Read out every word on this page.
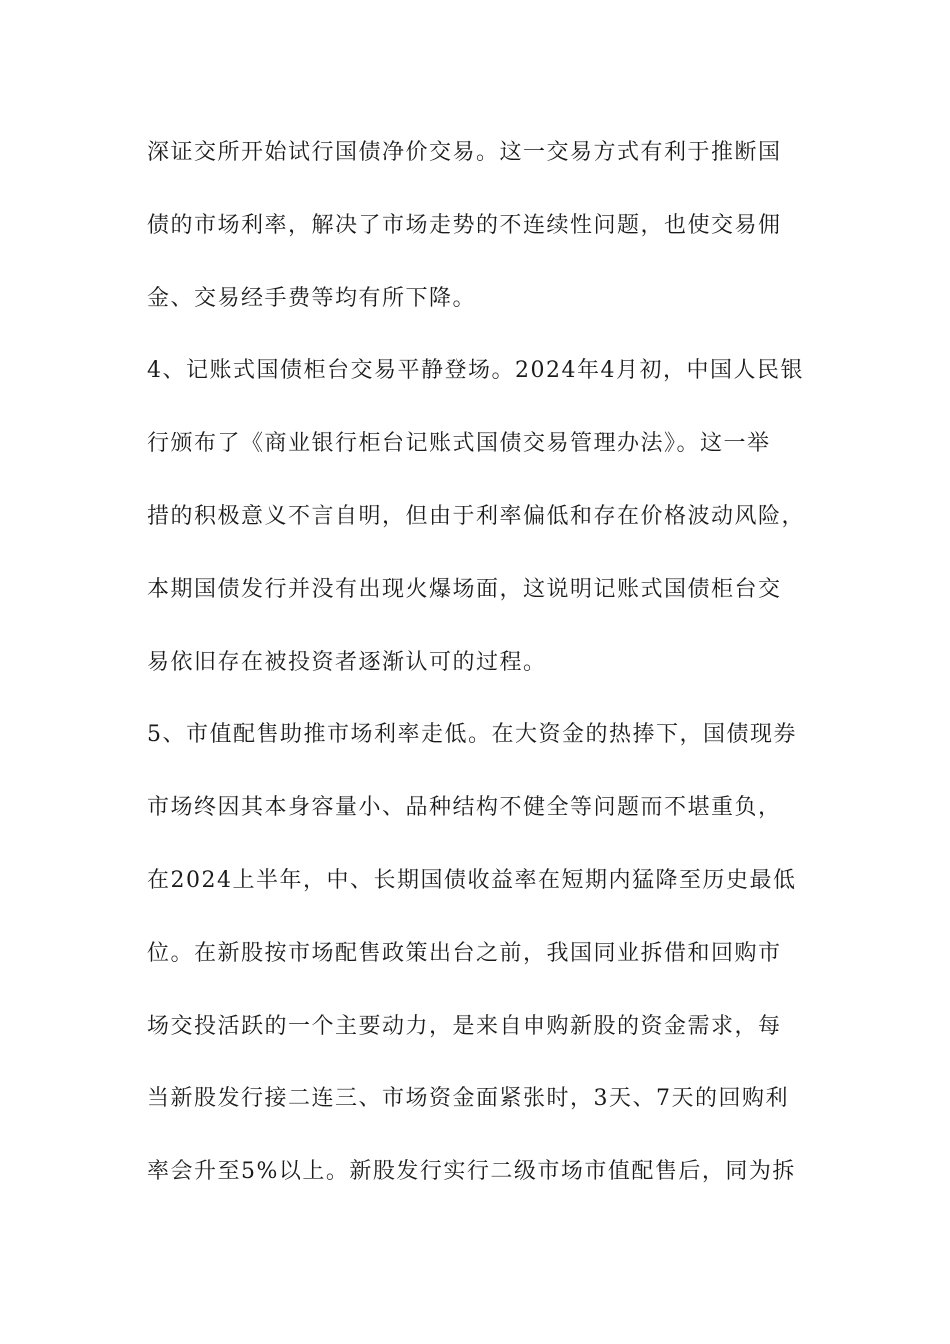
深证交所开始试行国债净价交易。这一交易方式有利于推断国
债的市场利率，解决了市场走势的不连续性问题，也使交易佣
金、交易经手费等均有所下降。
4、记账式国债柜台交易平静登场。2024年4月初，中国人民银
行颁布了《商业银行柜台记账式国债交易管理办法》。这一举
措的积极意义不言自明，但由于利率偏低和存在价格波动风险，
本期国债发行并没有出现火爆场面，这说明记账式国债柜台交
易依旧存在被投资者逐渐认可的过程。
5、市值配售助推市场利率走低。在大资金的热捧下，国债现券
市场终因其本身容量小、品种结构不健全等问题而不堪重负，
在2024上半年，中、长期国债收益率在短期内猛降至历史最低
位。在新股按市场配售政策出台之前，我国同业拆借和回购市
场交投活跃的一个主要动力，是来自申购新股的资金需求，每
当新股发行接二连三、市场资金面紧张时，3天、7天的回购利
率会升至5%以上。新股发行实行二级市场市值配售后，同为拆
